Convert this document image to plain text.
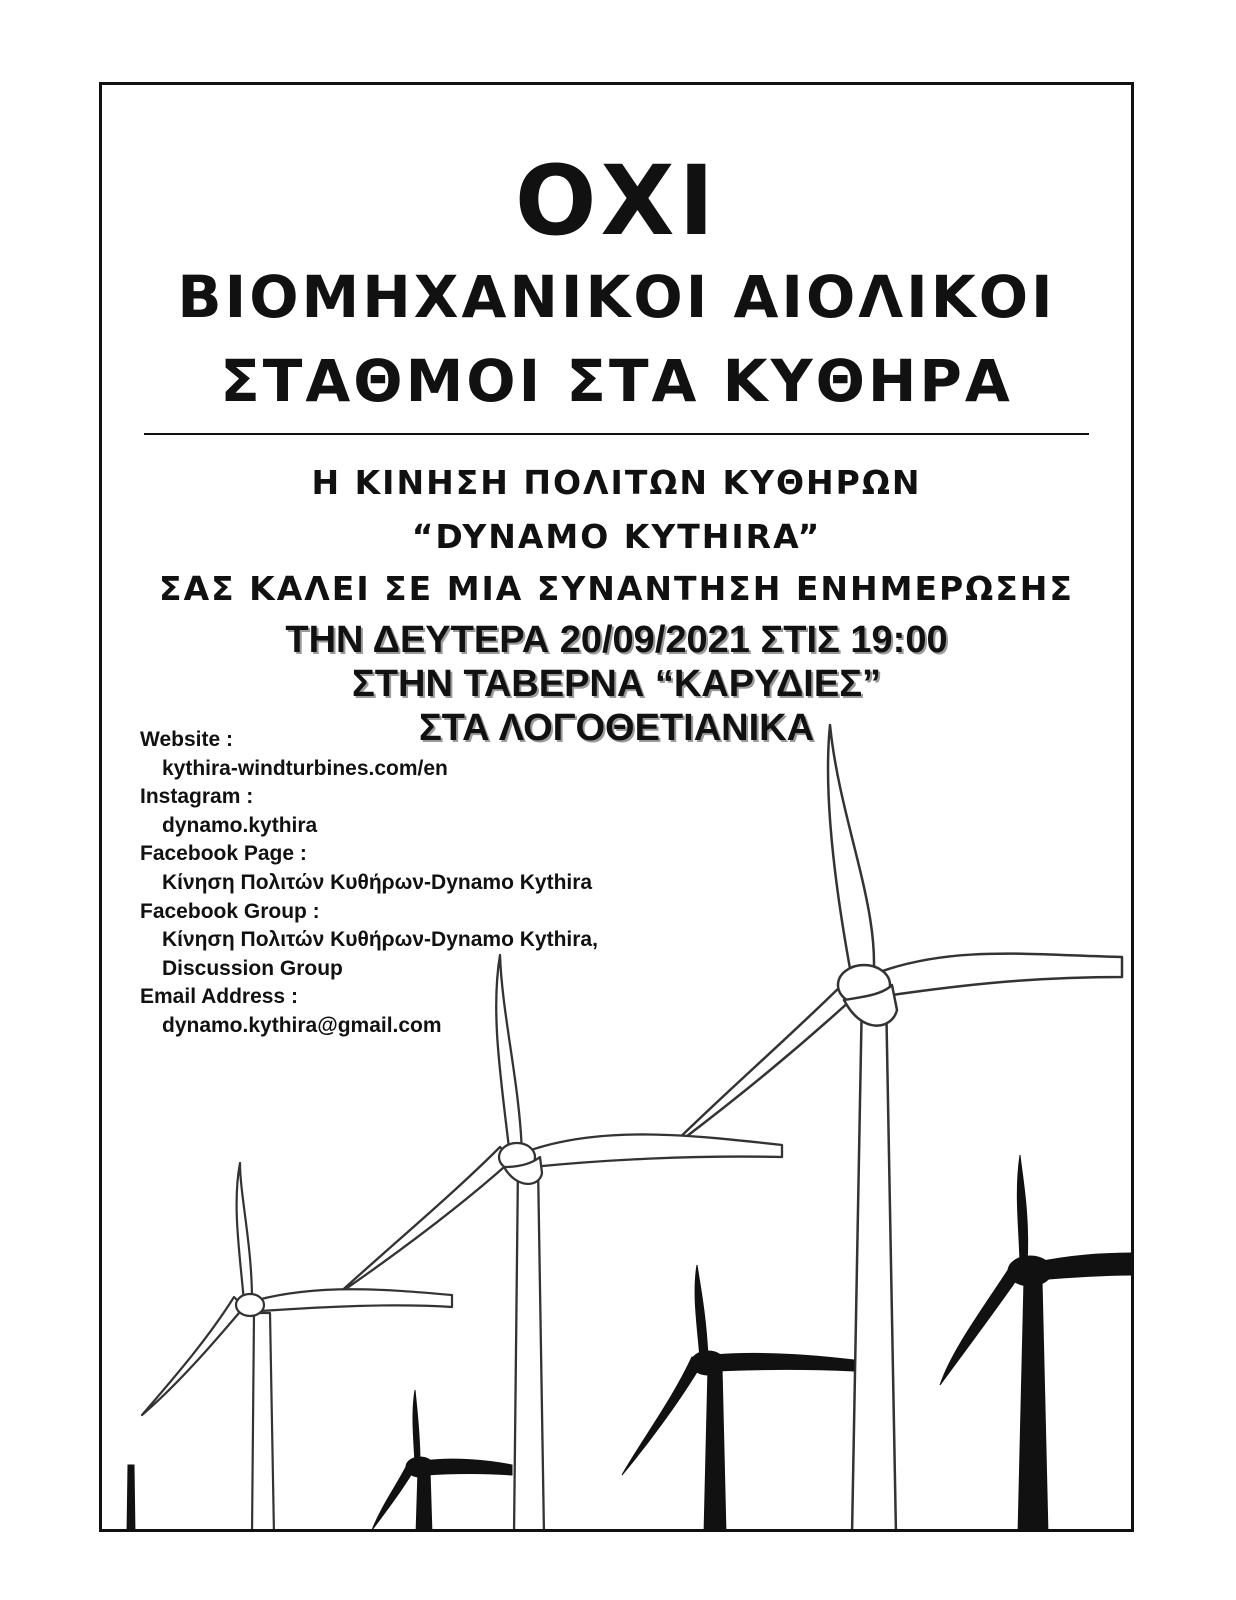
ΟΧΙ
ΒΙΟΜΗΧΑΝΙΚΟΙ ΑΙΟΛΙΚΟΙ
ΣΤΑΘΜΟΙ ΣΤΑ ΚΥΘΗΡΑ
Η ΚΙΝΗΣΗ ΠΟΛΙΤΩΝ ΚΥΘΗΡΩΝ
“DYNAMO KYTHIRA”
ΣΑΣ ΚΑΛΕΙ ΣΕ ΜΙΑ ΣΥΝΑΝΤΗΣΗ ΕΝΗΜΕΡΩΣΗΣ
ΤΗΝ ΔΕΥΤΕΡΑ 20/09/2021 ΣΤΙΣ 19:00
ΣΤΗΝ ΤΑΒΕΡΝΑ “ΚΑΡΥΔΙΕΣ”
ΣΤΑ ΛΟΓΟΘΕΤΙΑΝΙΚΑ
Website :
kythira-windturbines.com/en
Instagram :
dynamo.kythira
Facebook Page :
Κίνηση Πολιτών Κυθήρων-Dynamo Kythira
Facebook Group :
Κίνηση Πολιτών Κυθήρων-Dynamo Kythira,
Discussion Group
Email Address :
dynamo.kythira@gmail.com
